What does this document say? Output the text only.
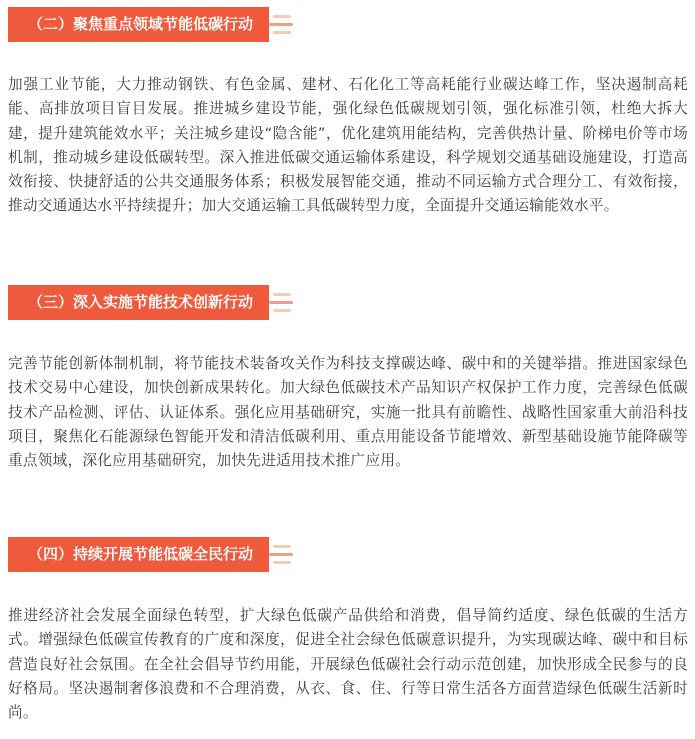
（二）聚焦重点领域节能低碳行动

加强工业节能，大力推动钢铁、有色金属、建材、石化化工等高耗能行业碳达峰工作，坚决遏制高耗能、高排放项目盲目发展。推进城乡建设节能，强化绿色低碳规划引领，强化标准引领，杜绝大拆大建，提升建筑能效水平；关注城乡建设“隐含能”，优化建筑用能结构，完善供热计量、阶梯电价等市场机制，推动城乡建设低碳转型。深入推进低碳交通运输体系建设，科学规划交通基础设施建设，打造高效衔接、快捷舒适的公共交通服务体系；积极发展智能交通，推动不同运输方式合理分工、有效衔接，推动交通通达水平持续提升；加大交通运输工具低碳转型力度，全面提升交通运输能效水平。

（三）深入实施节能技术创新行动

完善节能创新体制机制，将节能技术装备攻关作为科技支撑碳达峰、碳中和的关键举措。推进国家绿色技术交易中心建设，加快创新成果转化。加大绿色低碳技术产品知识产权保护工作力度，完善绿色低碳技术产品检测、评估、认证体系。强化应用基础研究，实施一批具有前瞻性、战略性国家重大前沿科技项目，聚焦化石能源绿色智能开发和清洁低碳利用、重点用能设备节能增效、新型基础设施节能降碳等重点领域，深化应用基础研究，加快先进适用技术推广应用。

（四）持续开展节能低碳全民行动

推进经济社会发展全面绿色转型，扩大绿色低碳产品供给和消费，倡导简约适度、绿色低碳的生活方式。增强绿色低碳宣传教育的广度和深度，促进全社会绿色低碳意识提升，为实现碳达峰、碳中和目标营造良好社会氛围。在全社会倡导节约用能，开展绿色低碳社会行动示范创建，加快形成全民参与的良好格局。坚决遏制奢侈浪费和不合理消费，从衣、食、住、行等日常生活各方面营造绿色低碳生活新时尚。
